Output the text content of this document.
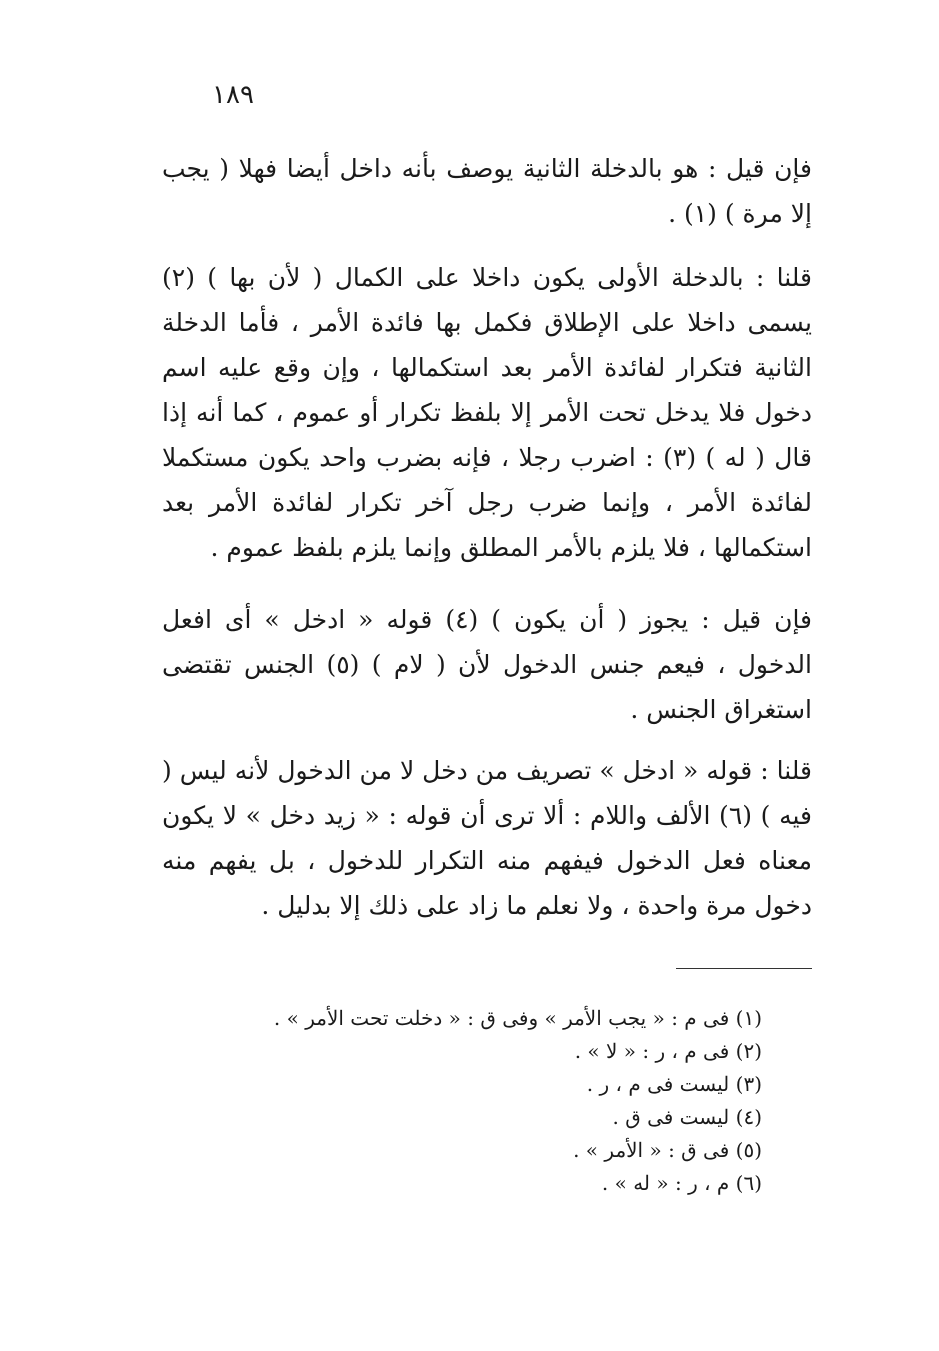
١٨٩

فإن قيل : هو بالدخلة الثانية يوصف بأنه داخل أيضا فهلا ( يجب إلا مرة ) (١) .

قلنا : بالدخلة الأولى يكون داخلا على الكمال ( لأن بها ) (٢) يسمى داخلا على الإطلاق فكمل بها فائدة الأمر ، فأما الدخلة الثانية فتكرار لفائدة الأمر بعد استكمالها ، وإن وقع عليه اسم دخول فلا يدخل تحت الأمر إلا بلفظ تكرار أو عموم ، كما أنه إذا قال ( له ) (٣) : اضرب رجلا ، فإنه بضرب واحد يكون مستكملا لفائدة الأمر ، وإنما ضرب رجل آخر تكرار لفائدة الأمر بعد استكمالها ، فلا يلزم بالأمر المطلق وإنما يلزم بلفظ عموم .

فإن قيل : يجوز ( أن يكون ) (٤) قوله « ادخل » أى افعل الدخول ، فيعم جنس الدخول لأن ( لام ) (٥) الجنس تقتضى استغراق الجنس .

قلنا : قوله « ادخل » تصريف من دخل لا من الدخول لأنه ليس ( فيه ) (٦) الألف واللام : ألا ترى أن قوله : « زيد دخل » لا يكون معناه فعل الدخول فيفهم منه التكرار للدخول ، بل يفهم منه دخول مرة واحدة ، ولا نعلم ما زاد على ذلك إلا بدليل .

(١) فى م : « يجب الأمر » وفى ق : « دخلت تحت الأمر » .
(٢) فى م ، ر : « لا » .
(٣) ليست فى م ، ر .
(٤) ليست فى ق .
(٥) فى ق : « الأمر » .
(٦) م ، ر : « له » .
